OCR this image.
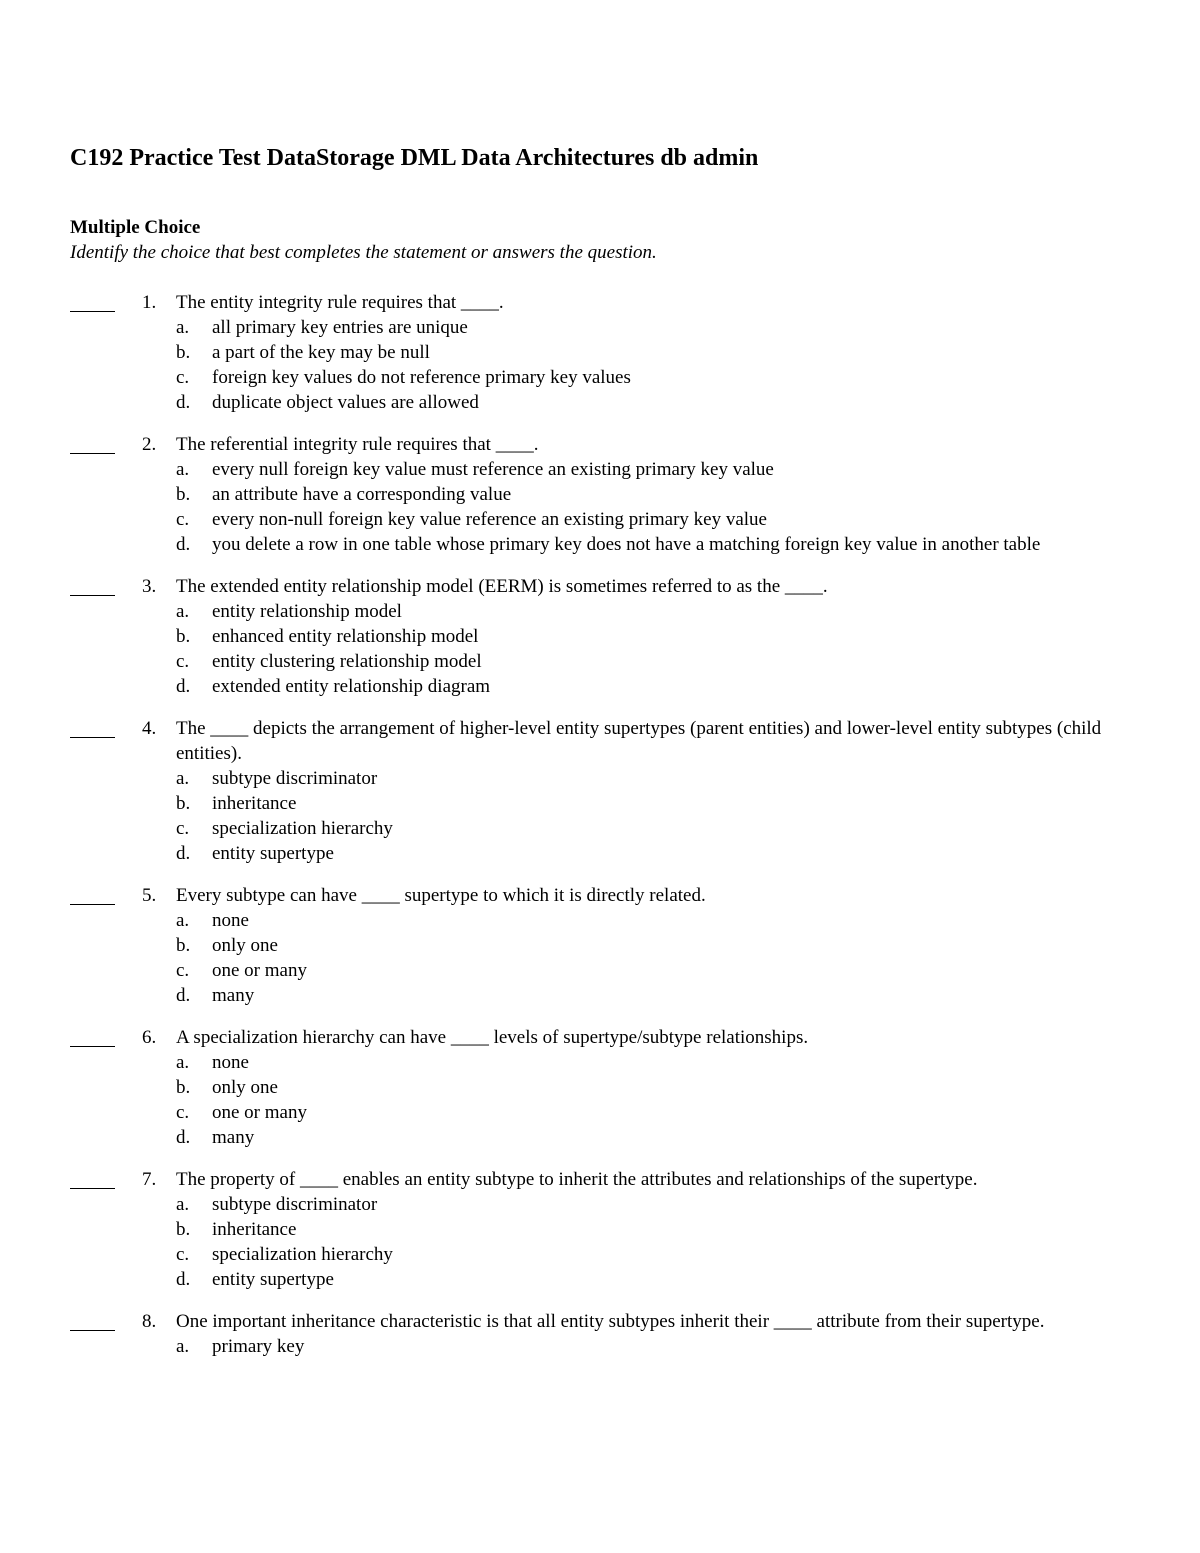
C192 Practice Test DataStorage DML Data Architectures db admin
Multiple Choice
Identify the choice that best completes the statement or answers the question.
1.	The entity integrity rule requires that ____.

a. all primary key entries are unique
b. a part of the key may be null
c. foreign key values do not reference primary key values
d. duplicate object values are allowed
2.	The referential integrity rule requires that ____.

a. every null foreign key value must reference an existing primary key value
b. an attribute have a corresponding value
c. every non-null foreign key value reference an existing primary key value
d. you delete a row in one table whose primary key does not have a matching foreign key value in another table
3.	The extended entity relationship model (EERM) is sometimes referred to as the ____.

a. entity relationship model
b. enhanced entity relationship model
c. entity clustering relationship model
d. extended entity relationship diagram
4.	The ____ depicts the arrangement of higher-level entity supertypes (parent entities) and lower-level entity subtypes (child entities).

a. subtype discriminator
b. inheritance
c. specialization hierarchy
d. entity supertype
5.	Every subtype can have ____ supertype to which it is directly related.

a. none
b. only one
c. one or many
d. many
6.	A specialization hierarchy can have ____ levels of supertype/subtype relationships.

a. none
b. only one
c. one or many
d. many
7.	The property of ____ enables an entity subtype to inherit the attributes and relationships of the supertype.

a. subtype discriminator
b. inheritance
c. specialization hierarchy
d. entity supertype
8.	One important inheritance characteristic is that all entity subtypes inherit their ____ attribute from their supertype.

a. primary key
